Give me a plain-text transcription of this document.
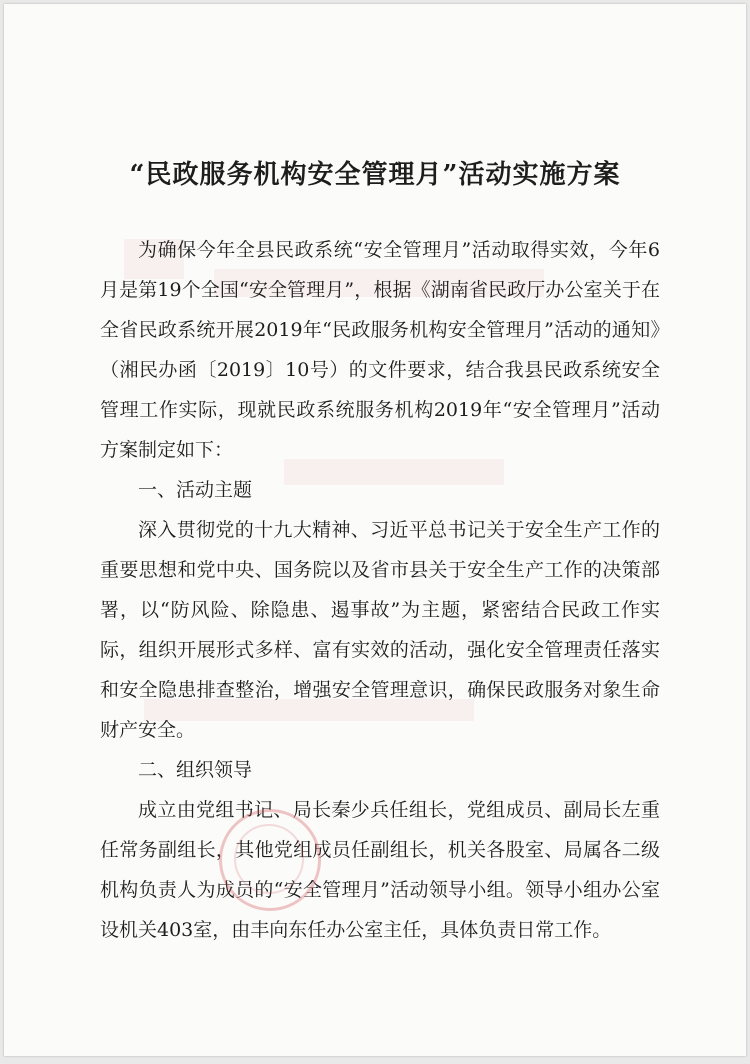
“民政服务机构安全管理月”活动实施方案

为确保今年全县民政系统“安全管理月”活动取得实效，今年6月是第19个全国“安全管理月”，根据《湖南省民政厅办公室关于在全省民政系统开展2019年“民政服务机构安全管理月”活动的通知》（湘民办函〔2019〕10号）的文件要求，结合我县民政系统安全管理工作实际，现就民政系统服务机构2019年“安全管理月”活动方案制定如下：

一、活动主题

深入贯彻党的十九大精神、习近平总书记关于安全生产工作的重要思想和党中央、国务院以及省市县关于安全生产工作的决策部署，以“防风险、除隐患、遏事故”为主题，紧密结合民政工作实际，组织开展形式多样、富有实效的活动，强化安全管理责任落实和安全隐患排查整治，增强安全管理意识，确保民政服务对象生命财产安全。

二、组织领导

成立由党组书记、局长秦少兵任组长，党组成员、副局长左重任常务副组长，其他党组成员任副组长，机关各股室、局属各二级机构负责人为成员的“安全管理月”活动领导小组。领导小组办公室设机关403室，由丰向东任办公室主任，具体负责日常工作。
